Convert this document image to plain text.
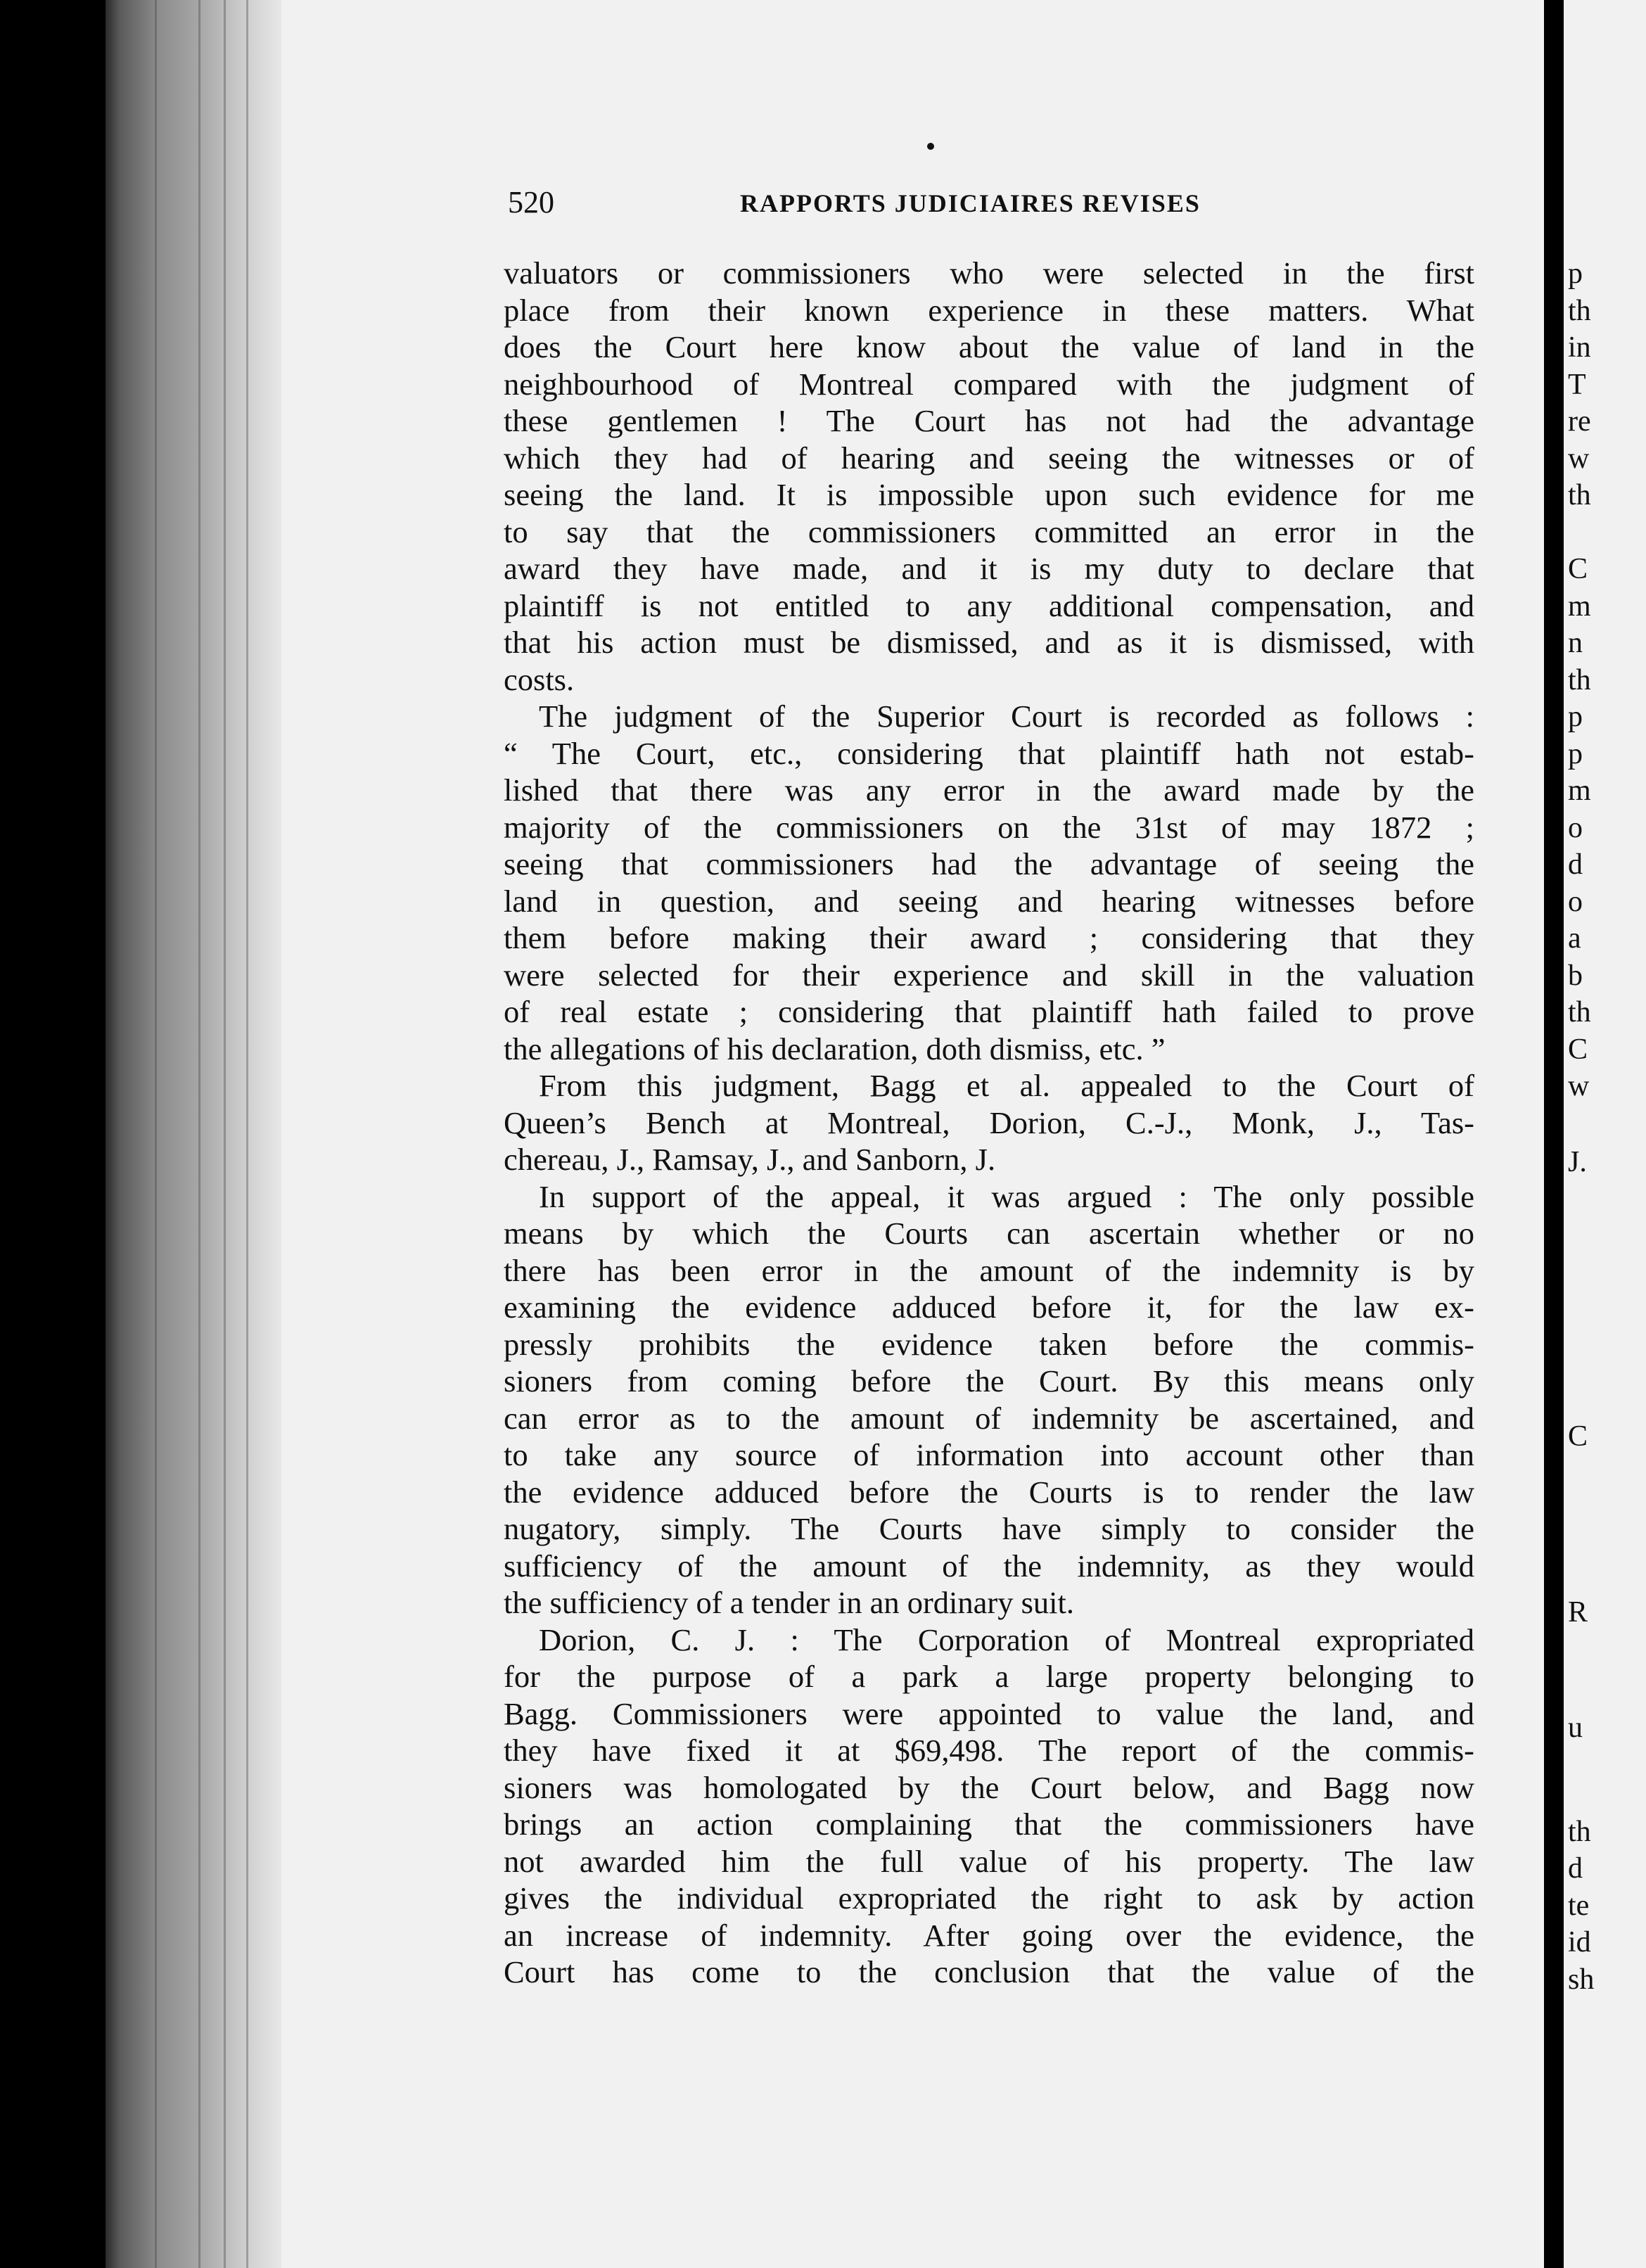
520	RAPPORTS JUDICIAIRES REVISES
valuators or commissioners who were selected in the first
place from their known experience in these matters. What
does the Court here know about the value of land in the
neighbourhood of Montreal compared with the judgment of
these gentlemen ! The Court has not had the advantage
which they had of hearing and seeing the witnesses or of
seeing the land. It is impossible upon such evidence for me
to say that the commissioners committed an error in the
award they have made, and it is my duty to declare that
plaintiff is not entitled to any additional compensation, and
that his action must be dismissed, and as it is dismissed, with
costs.
The judgment of the Superior Court is recorded as follows :
“ The Court, etc., considering that plaintiff hath not estab-
lished that there was any error in the award made by the
majority of the commissioners on the 31st of may 1872 ;
seeing that commissioners had the advantage of seeing the
land in question, and seeing and hearing witnesses before
them before making their award ; considering that they
were selected for their experience and skill in the valuation
of real estate ; considering that plaintiff hath failed to prove
the allegations of his declaration, doth dismiss, etc. ”
From this judgment, Bagg et al. appealed to the Court of
Queen’s Bench at Montreal, Dorion, C.-J., Monk, J., Tas-
chereau, J., Ramsay, J., and Sanborn, J.
In support of the appeal, it was argued : The only possible
means by which the Courts can ascertain whether or no
there has been error in the amount of the indemnity is by
examining the evidence adduced before it, for the law ex-
pressly prohibits the evidence taken before the commis-
sioners from coming before the Court. By this means only
can error as to the amount of indemnity be ascertained, and
to take any source of information into account other than
the evidence adduced before the Courts is to render the law
nugatory, simply. The Courts have simply to consider the
sufficiency of the amount of the indemnity, as they would
the sufficiency of a tender in an ordinary suit.
Dorion, C. J. : The Corporation of Montreal expropriated
for the purpose of a park a large property belonging to
Bagg. Commissioners were appointed to value the land, and
they have fixed it at $69,498. The report of the commis-
sioners was homologated by the Court below, and Bagg now
brings an action complaining that the commissioners have
not awarded him the full value of his property. The law
gives the individual expropriated the right to ask by action
an increase of indemnity. After going over the evidence, the
Court has come to the conclusion that the value of the
p
th
in
T
re
w
th
C
m
n
th
p
p
m
o
d
o
a
b
th
C
w
J.
C
R
u
th
d
te
id
sh
